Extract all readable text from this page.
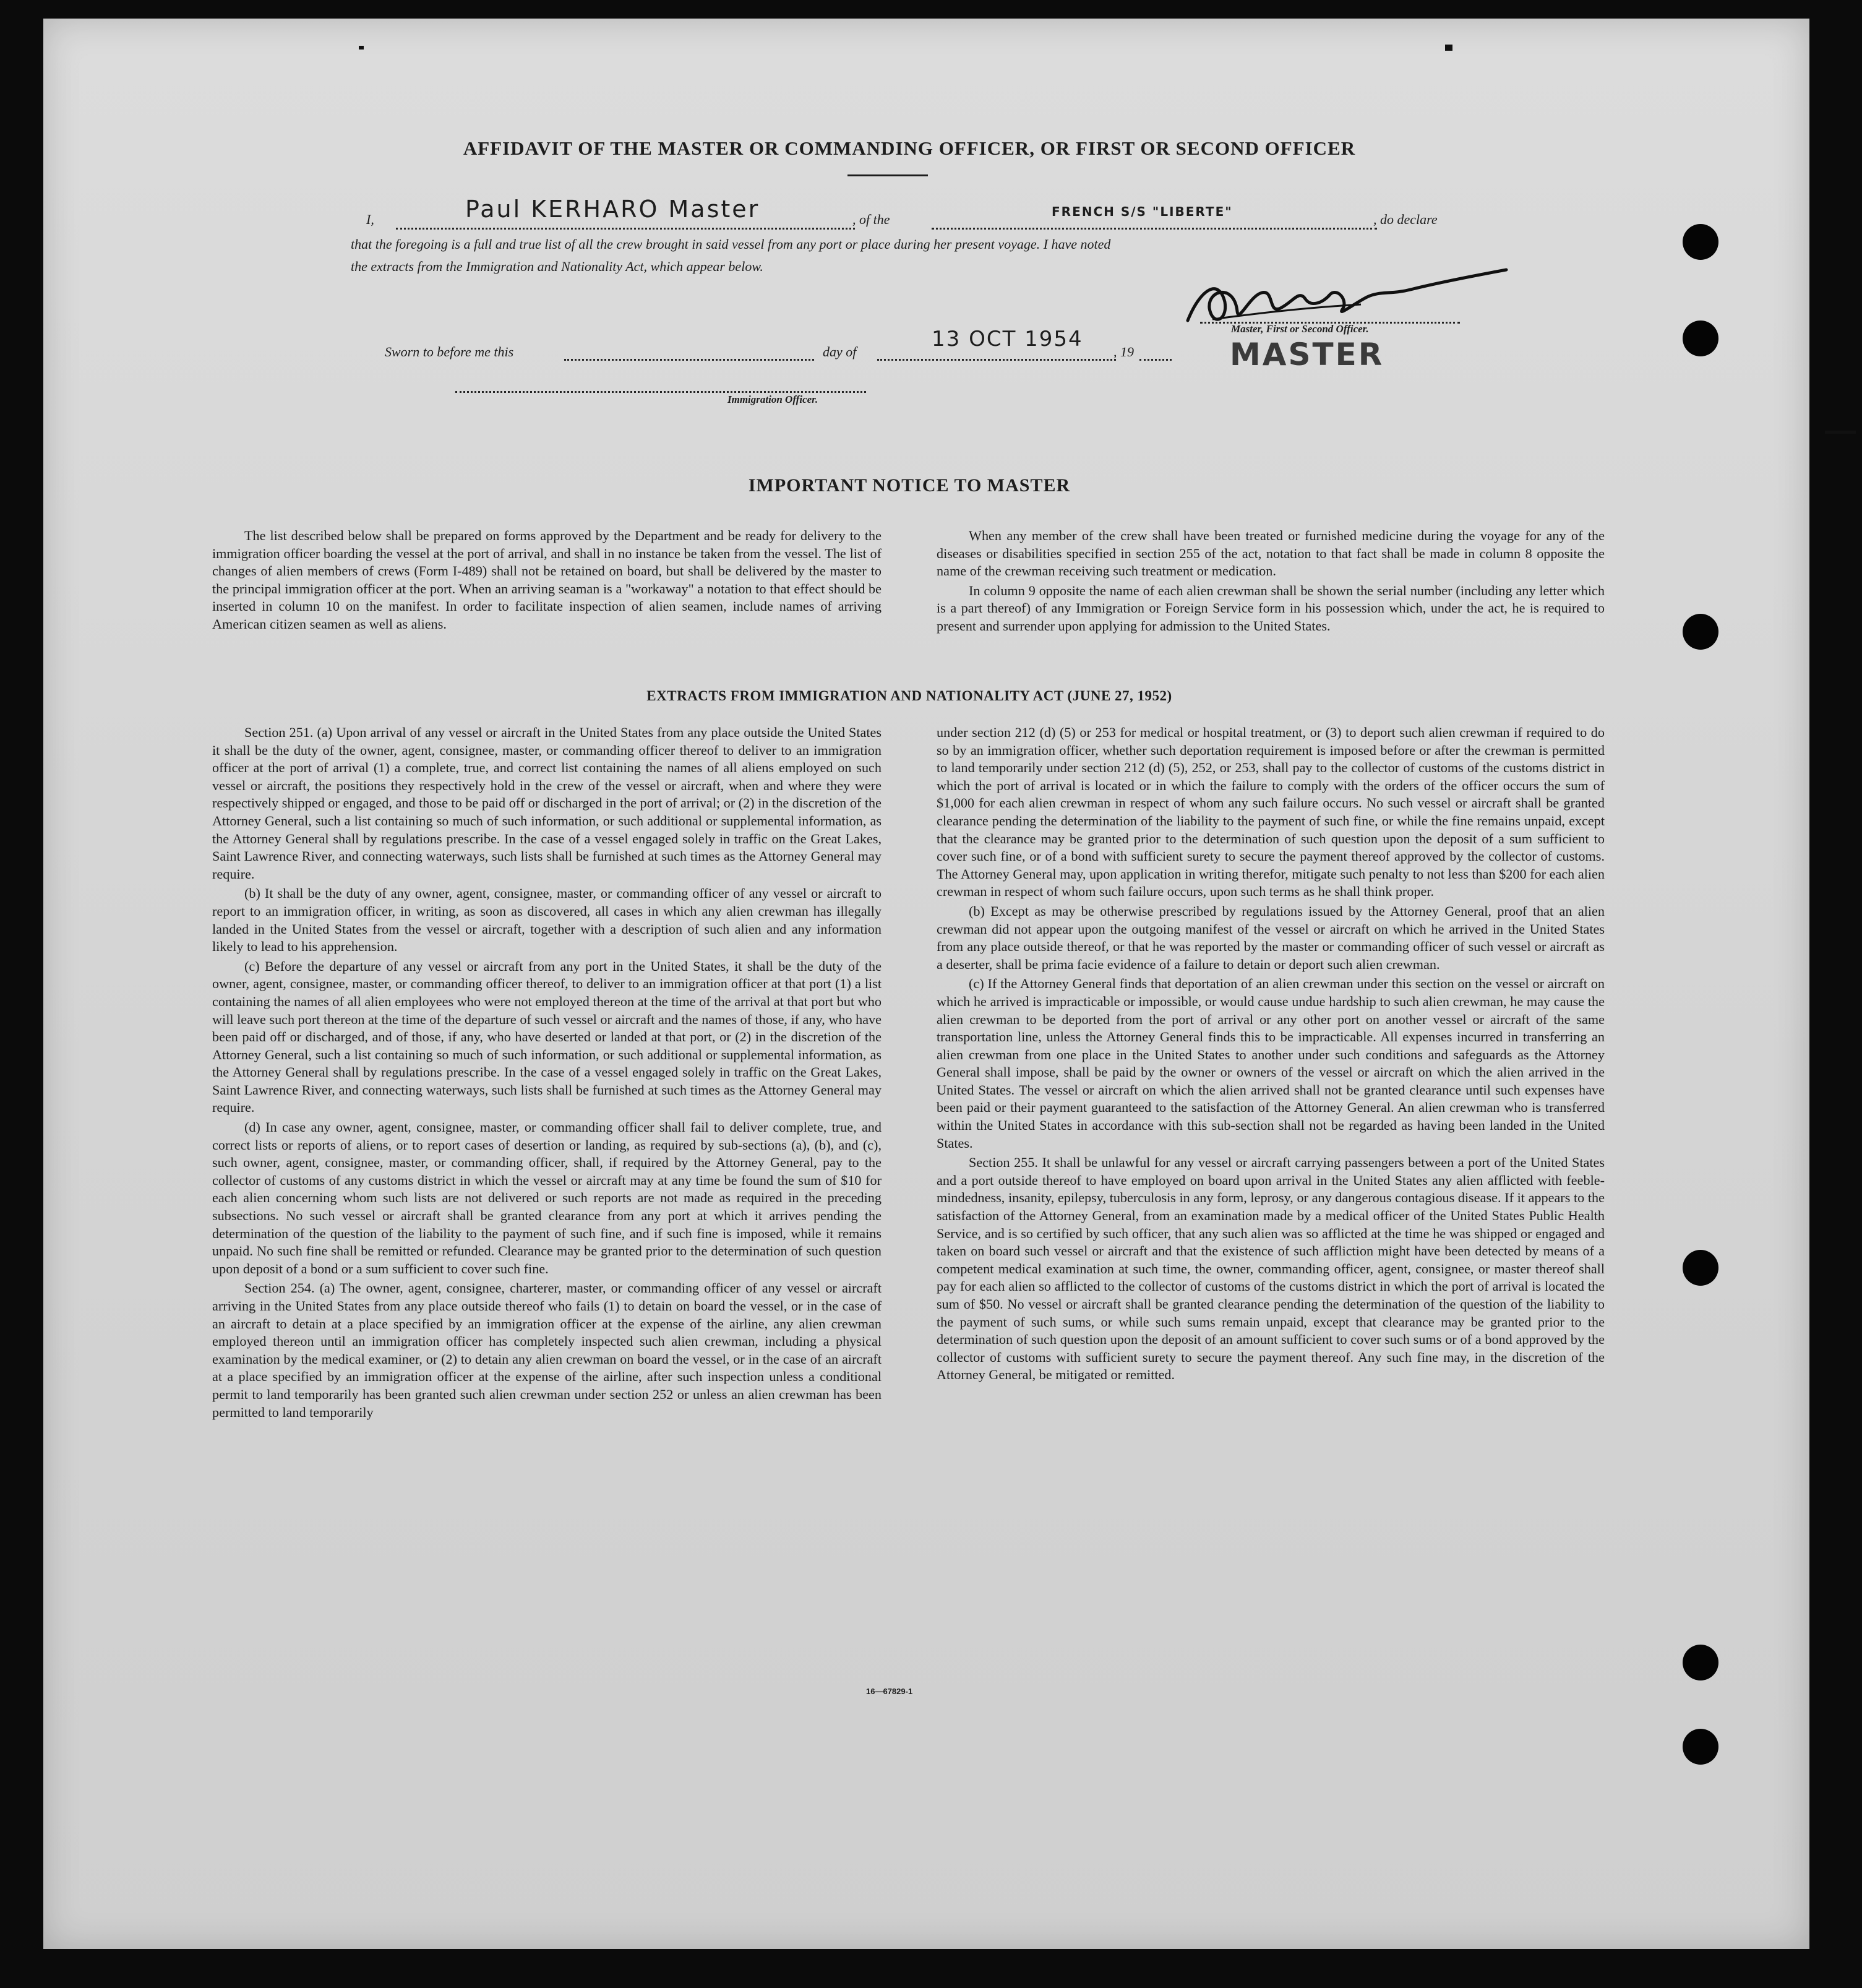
AFFIDAVIT OF THE MASTER OR COMMANDING OFFICER, OR FIRST OR SECOND OFFICER
I,	Paul KERHARO Master	, of the	FRENCH S/S "LIBERTE"	, do declare
that the foregoing is a full and true list of all the crew brought in said vessel from any port or place during her present voyage. I have noted
the extracts from the Immigration and Nationality Act, which appear below.
Master, First or Second Officer.
MASTER
Sworn to before me this	day of
13 OCT 1954
, 19
Immigration Officer.
IMPORTANT NOTICE TO MASTER

The list described below shall be prepared on forms approved by the Department and be ready for delivery to the immigration officer boarding the vessel at the port of arrival, and shall in no instance be taken from the vessel. The list of changes of alien members of crews (Form I-489) shall not be retained on board, but shall be delivered by the master to the principal immigration officer at the port. When an arriving seaman is a "workaway" a notation to that effect should be inserted in column 10 on the manifest. In order to facilitate inspection of alien seamen, include names of arriving American citizen seamen as well as aliens.

When any member of the crew shall have been treated or furnished medicine during the voyage for any of the diseases or disabilities specified in section 255 of the act, notation to that fact shall be made in column 8 opposite the name of the crewman receiving such treatment or medication.

In column 9 opposite the name of each alien crewman shall be shown the serial number (including any letter which is a part thereof) of any Immigration or Foreign Service form in his possession which, under the act, he is required to present and surrender upon applying for admission to the United States.

EXTRACTS FROM IMMIGRATION AND NATIONALITY ACT (JUNE 27, 1952)

Section 251. (a) Upon arrival of any vessel or aircraft in the United States from any place outside the United States it shall be the duty of the owner, agent, consignee, master, or commanding officer thereof to deliver to an immigration officer at the port of arrival (1) a complete, true, and correct list containing the names of all aliens employed on such vessel or aircraft, the positions they respectively hold in the crew of the vessel or aircraft, when and where they were respectively shipped or engaged, and those to be paid off or discharged in the port of arrival; or (2) in the discretion of the Attorney General, such a list containing so much of such information, or such additional or supplemental information, as the Attorney General shall by regulations prescribe. In the case of a vessel engaged solely in traffic on the Great Lakes, Saint Lawrence River, and connecting waterways, such lists shall be furnished at such times as the Attorney General may require.

(b) It shall be the duty of any owner, agent, consignee, master, or commanding officer of any vessel or aircraft to report to an immigration officer, in writing, as soon as discovered, all cases in which any alien crewman has illegally landed in the United States from the vessel or aircraft, together with a description of such alien and any information likely to lead to his apprehension.

(c) Before the departure of any vessel or aircraft from any port in the United States, it shall be the duty of the owner, agent, consignee, master, or commanding officer thereof, to deliver to an immigration officer at that port (1) a list containing the names of all alien employees who were not employed thereon at the time of the arrival at that port but who will leave such port thereon at the time of the departure of such vessel or aircraft and the names of those, if any, who have been paid off or discharged, and of those, if any, who have deserted or landed at that port, or (2) in the discretion of the Attorney General, such a list containing so much of such information, or such additional or supplemental information, as the Attorney General shall by regulations prescribe. In the case of a vessel engaged solely in traffic on the Great Lakes, Saint Lawrence River, and connecting waterways, such lists shall be furnished at such times as the Attorney General may require.

(d) In case any owner, agent, consignee, master, or commanding officer shall fail to deliver complete, true, and correct lists or reports of aliens, or to report cases of desertion or landing, as required by sub-sections (a), (b), and (c), such owner, agent, consignee, master, or commanding officer, shall, if required by the Attorney General, pay to the collector of customs of any customs district in which the vessel or aircraft may at any time be found the sum of $10 for each alien concerning whom such lists are not delivered or such reports are not made as required in the preceding subsections. No such vessel or aircraft shall be granted clearance from any port at which it arrives pending the determination of the question of the liability to the payment of such fine, and if such fine is imposed, while it remains unpaid. No such fine shall be remitted or refunded. Clearance may be granted prior to the determination of such question upon deposit of a bond or a sum sufficient to cover such fine.

Section 254. (a) The owner, agent, consignee, charterer, master, or commanding officer of any vessel or aircraft arriving in the United States from any place outside thereof who fails (1) to detain on board the vessel, or in the case of an aircraft to detain at a place specified by an immigration officer at the expense of the airline, any alien crewman employed thereon until an immigration officer has completely inspected such alien crewman, including a physical examination by the medical examiner, or (2) to detain any alien crewman on board the vessel, or in the case of an aircraft at a place specified by an immigration officer at the expense of the airline, after such inspection unless a conditional permit to land temporarily has been granted such alien crewman under section 252 or unless an alien crewman has been permitted to land temporarily

under section 212 (d) (5) or 253 for medical or hospital treatment, or (3) to deport such alien crewman if required to do so by an immigration officer, whether such deportation requirement is imposed before or after the crewman is permitted to land temporarily under section 212 (d) (5), 252, or 253, shall pay to the collector of customs of the customs district in which the port of arrival is located or in which the failure to comply with the orders of the officer occurs the sum of $1,000 for each alien crewman in respect of whom any such failure occurs. No such vessel or aircraft shall be granted clearance pending the determination of the liability to the payment of such fine, or while the fine remains unpaid, except that the clearance may be granted prior to the determination of such question upon the deposit of a sum sufficient to cover such fine, or of a bond with sufficient surety to secure the payment thereof approved by the collector of customs. The Attorney General may, upon application in writing therefor, mitigate such penalty to not less than $200 for each alien crewman in respect of whom such failure occurs, upon such terms as he shall think proper.

(b) Except as may be otherwise prescribed by regulations issued by the Attorney General, proof that an alien crewman did not appear upon the outgoing manifest of the vessel or aircraft on which he arrived in the United States from any place outside thereof, or that he was reported by the master or commanding officer of such vessel or aircraft as a deserter, shall be prima facie evidence of a failure to detain or deport such alien crewman.

(c) If the Attorney General finds that deportation of an alien crewman under this section on the vessel or aircraft on which he arrived is impracticable or impossible, or would cause undue hardship to such alien crewman, he may cause the alien crewman to be deported from the port of arrival or any other port on another vessel or aircraft of the same transportation line, unless the Attorney General finds this to be impracticable. All expenses incurred in transferring an alien crewman from one place in the United States to another under such conditions and safeguards as the Attorney General shall impose, shall be paid by the owner or owners of the vessel or aircraft on which the alien arrived in the United States. The vessel or aircraft on which the alien arrived shall not be granted clearance until such expenses have been paid or their payment guaranteed to the satisfaction of the Attorney General. An alien crewman who is transferred within the United States in accordance with this sub-section shall not be regarded as having been landed in the United States.

Section 255. It shall be unlawful for any vessel or aircraft carrying passengers between a port of the United States and a port outside thereof to have employed on board upon arrival in the United States any alien afflicted with feeble-mindedness, insanity, epilepsy, tuberculosis in any form, leprosy, or any dangerous contagious disease. If it appears to the satisfaction of the Attorney General, from an examination made by a medical officer of the United States Public Health Service, and is so certified by such officer, that any such alien was so afflicted at the time he was shipped or engaged and taken on board such vessel or aircraft and that the existence of such affliction might have been detected by means of a competent medical examination at such time, the owner, commanding officer, agent, consignee, or master thereof shall pay for each alien so afflicted to the collector of customs of the customs district in which the port of arrival is located the sum of $50. No vessel or aircraft shall be granted clearance pending the determination of the question of the liability to the payment of such sums, or while such sums remain unpaid, except that clearance may be granted prior to the determination of such question upon the deposit of an amount sufficient to cover such sums or of a bond approved by the collector of customs with sufficient surety to secure the payment thereof. Any such fine may, in the discretion of the Attorney General, be mitigated or remitted.

16—67829-1
